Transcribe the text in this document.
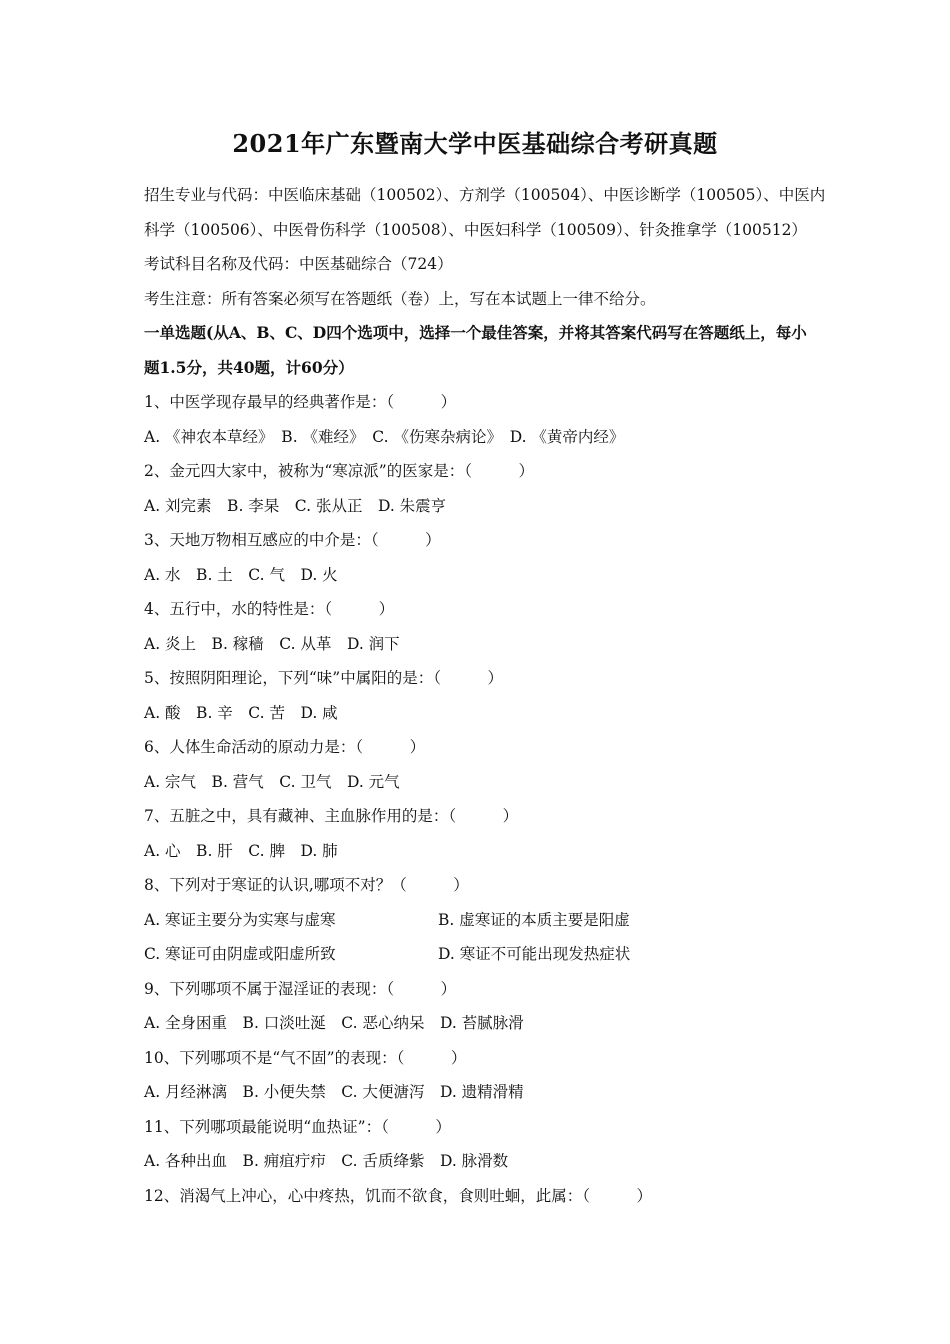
2021年广东暨南大学中医基础综合考研真题
招生专业与代码：中医临床基础（100502）、方剂学（100504）、中医诊断学（100505）、中医内
科学（100506）、中医骨伤科学（100508）、中医妇科学（100509）、针灸推拿学（100512）
考试科目名称及代码：中医基础综合（724）
考生注意：所有答案必须写在答题纸（卷）上，写在本试题上一律不给分。
一单选题(从A、B、C、D四个选项中，选择一个最佳答案，并将其答案代码写在答题纸上，每小
题1.5分，共40题，计60分）
1、中医学现存最早的经典著作是：（　　　）
A. 《神农本草经》　B. 《难经》　C. 《伤寒杂病论》　D. 《黄帝内经》
2、金元四大家中，被称为“寒凉派”的医家是：（　　　）
A. 刘完素　B. 李杲　C. 张从正　D. 朱震亨
3、天地万物相互感应的中介是：（　　　）
A. 水　B. 土　C. 气　D. 火
4、五行中，水的特性是：（　　　）
A. 炎上　B. 稼穑　C. 从革　D. 润下
5、按照阴阳理论，下列“味”中属阳的是：（　　　）
A. 酸　B. 辛　C. 苦　D. 咸
6、人体生命活动的原动力是：（　　　）
A. 宗气　B. 营气　C. 卫气　D. 元气
7、五脏之中，具有藏神、主血脉作用的是：（　　　）
A. 心　B. 肝　C. 脾　D. 肺
8、下列对于寒证的认识,哪项不对？（　　　）
A. 寒证主要分为实寒与虚寒	B. 虚寒证的本质主要是阳虚
C. 寒证可由阴虚或阳虚所致	D. 寒证不可能出现发热症状
9、下列哪项不属于湿淫证的表现：（　　　）
A. 全身困重　B. 口淡吐涎　C. 恶心纳呆　D. 苔腻脉滑
10、下列哪项不是“气不固”的表现：（　　　）
A. 月经淋漓　B. 小便失禁　C. 大便溏泻　D. 遗精滑精
11、下列哪项最能说明“血热证”：（　　　）
A. 各种出血　B. 痈疽疔疖　C. 舌质绛紫　D. 脉滑数
12、消渴气上冲心，心中疼热，饥而不欲食，食则吐蛔，此属：（　　　）
